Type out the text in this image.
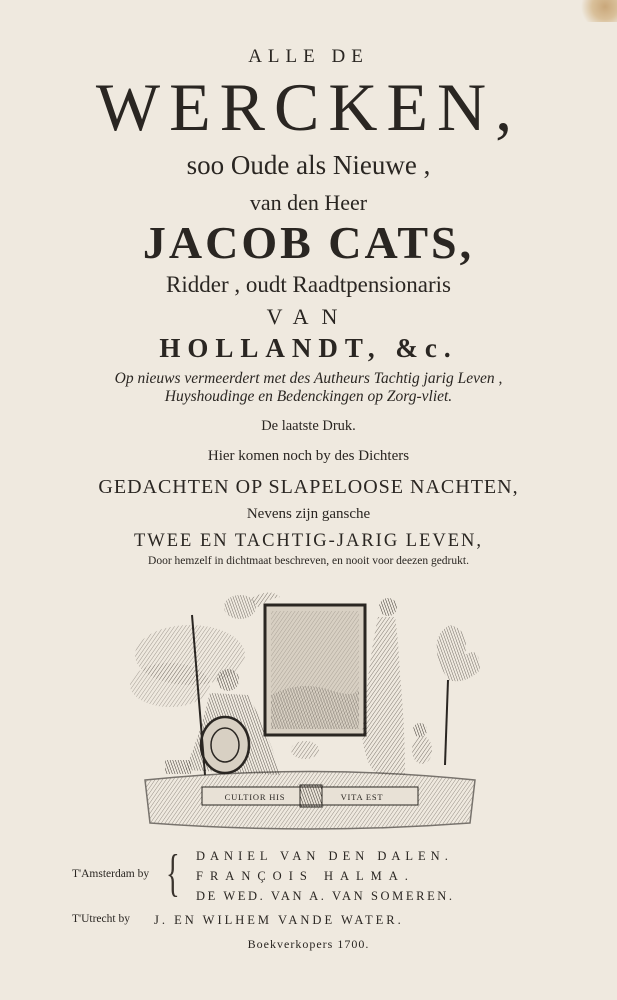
ALLE DE
WERCKEN,
soo Oude als Nieuwe ,
van den Heer
JACOB CATS,
Ridder , oudt Raadtpensionaris
VAN
HOLLANDT, &c.
Op nieuws vermeerdert met des Autheurs Tachtig jarig Leven ,
Huyshoudinge en Bedenckingen op Zorg-vliet.
De laatste Druk.
Hier komen noch by des Dichters
GEDACHTEN OP SLAPELOOSE NACHTEN,
Nevens zijn gansche
TWEE EN TACHTIG-JARIG LEVEN,
Door hemzelf in dichtmaat beschreven, en nooit voor deezen gedrukt.
CULTIOR HIS	VITA EST
T'Amsterdam by { DANIEL VAN DEN DALEN.
FRANÇOIS HALMA.
DE WED. VAN A. VAN SOMEREN.
T'Utrecht by J. EN WILHEM VANDE WATER.
Boekverkopers 1700.
